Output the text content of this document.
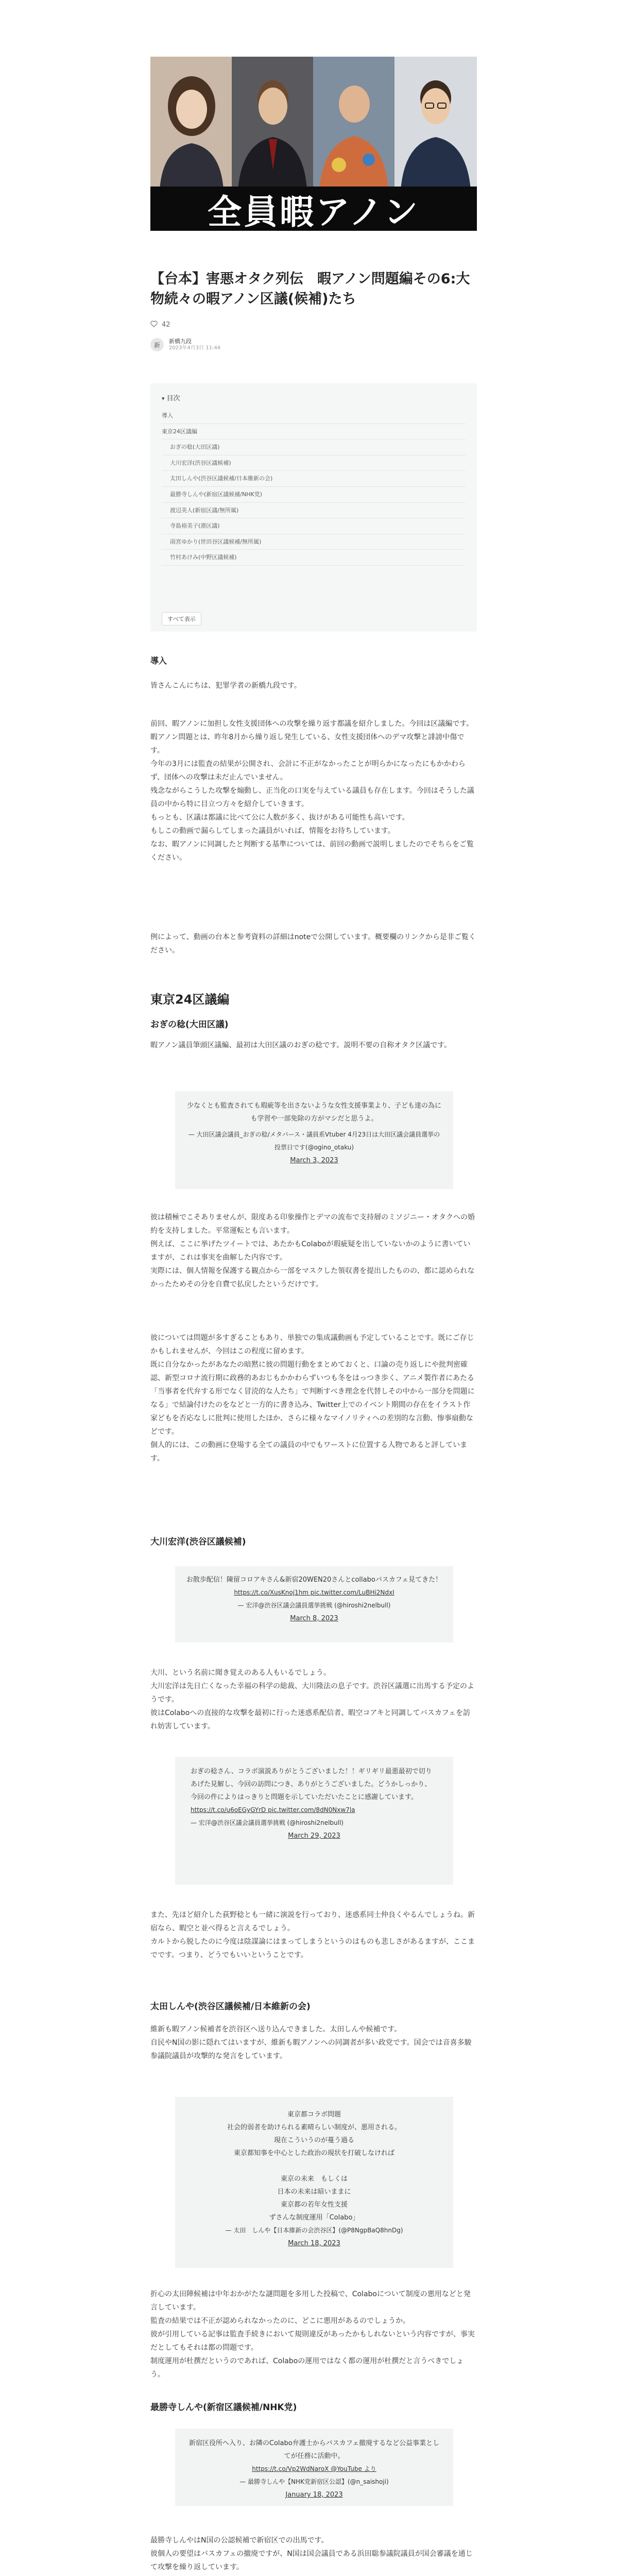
全員暇アノン
【台本】害悪オタク列伝　暇アノン問題編その6:大物続々の暇アノン区議(候補)たち
42
新	新橋九段
2023年4月3日 11:44
▾ 目次
導入
東京24区議編
おぎの稔(大田区議)
大川宏洋(渋谷区議候補)
太田しんや(渋谷区議候補/日本維新の会)
最勝寺しんや(新宿区議候補/NHK党)
渡辺美人(新宿区議/無所属)
寺島裕美子(港区議)
雨宮ゆかり(世田谷区議候補/無所属)
竹村あけみ(中野区議候補)
すべて表示
導入

皆さんこんにちは、犯罪学者の新橋九段です。

前回、暇アノンに加担し女性支援団体への攻撃を繰り返す都議を紹介しました。今回は区議編です。

暇アノン問題とは、昨年8月から繰り返し発生している、女性支援団体へのデマ攻撃と誹謗中傷です。

今年の3月には監査の結果が公開され、会計に不正がなかったことが明らかになったにもかかわらず、団体への攻撃は未だ止んでいません。

残念ながらこうした攻撃を煽動し、正当化の口実を与えている議員も存在します。今回はそうした議員の中から特に目立つ方々を紹介していきます。

もっとも、区議は都議に比べて公に人数が多く、抜けがある可能性も高いです。

もしこの動画で漏らしてしまった議員がいれば、情報をお待ちしています。

なお、暇アノンに同調したと判断する基準については、前回の動画で説明しましたのでそちらをご覧ください。

例によって、動画の台本と参考資料の詳細はnoteで公開しています。概要欄のリンクから是非ご覧ください。

東京24区議編
おぎの稔(大田区議)

暇アノン議員筆頭区議編、最初は大田区議のおぎの稔です。説明不要の自称オタク区議です。

少なくとも監査されても瑕疵等を出さないような女性支援事業より、子ども達の為にも学習や一部免除の方がマシだと思うよ。
— 大田区議会議員_おぎの稔/メタバース・議員系Vtuber 4月23日は大田区議会議員選挙の投票日です(@ogino_otaku)
March 3, 2023

彼は積極でこそありませんが、限度ある印象操作とデマの流布で支持層のミソジニー・オタクへの婚約を支持しました。平常運転とも言います。

例えば、ここに挙げたツイートでは、あたかもColaboが瑕疵疑を出していないかのように書いていますが、これは事実を曲解した内容です。

実際には、個人情報を保護する観点から一部をマスクした領収書を提出したものの、都に認められなかったためその分を自費で払戻したというだけです。

彼については問題が多すぎることもあり、単独での集成議動画も予定していることです。既にご存じかもしれませんが、今回はこの程度に留めます。

既に自分なかったがあなたの暗黙に彼の問題行動をまとめておくと、口論の売り返しにや批判密確認、新型コロナ流行期に政務的あおじもかかわらずいつも冬をはっつき歩く、アニメ製作者にあたる「当事者を代弁する形でなく冒涜的な人たち」で判断すべき理念を代替しその中から一部分を問題になる」で結論付けたのをなどと一方的に書き込み、Twitter上でのイベント期間の存在をイラスト作家どもを否応なしに批判に使用したほか、さらに様々なマイノリティへの差別的な言動、惨事扇動などです。

個人的には、この動画に登場する全ての議員の中でもワーストに位置する人物であると評しています。

大川宏洋(渋谷区議候補)
お散歩配信！陳留コロアキさん&新宿20WEN20さんとcollaboバスカフェ見てきた！
https://t.co/XusKnoj1hm pic.twitter.com/LuBHi2NdxI
— 宏洋@渋谷区議会議員選挙挑戦 (@hiroshi2nelbull)
March 8, 2023

大川、という名前に聞き覚えのある人もいるでしょう。

大川宏洋は先日亡くなった幸福の科学の総裁、大川隆法の息子です。渋谷区議選に出馬する予定のようです。

彼はColaboへの直接的な攻撃を最初に行った迷惑系配信者、暇空コアキと同調してバスカフェを訪れ妨害しています。

おぎの稔さん、コラボ演説ありがとうございました！！ギリギリ最悪最初で切りあげた見解し、今回の訪問につき、ありがとうございました。どうかしっかり、今回の件によりはっきりと問題を示していただいたことに感謝しています。
https://t.co/u6oEGyGYrD pic.twitter.com/8dN0Nxw7la
— 宏洋@渋谷区議会議員選挙挑戦 (@hiroshi2nelbull)
March 29, 2023

また、先ほど紹介した荻野稔とも一緒に演説を行っており、迷惑系同士仲良くやるんでしょうね。新宿なら、暇空と並べ得ると言えるでしょう。

カルトから脱したのに今度は陰謀論にはまってしまうというのはものも悲しさがあるますが、ここまでです。つまり、どうでもいいということです。

太田しんや(渋谷区議候補/日本維新の会)

維新も暇アノン候補者を渋谷区へ送り込んできました。太田しんや候補です。

自民やN国の影に隠れてはいますが、維新も暇アノンへの同調者が多い政党です。国会では音喜多駿参議院議員が攻撃的な発言をしています。

東京都コラボ問題
社会的弱者を助けられる素晴らしい制度が、悪用される。
現在こういうのが蔓う過る
東京都知事を中心とした政治の現状を打破しなければ
東京の未来　もしくは
日本の未来は暗いままに
東京都の若年女性支援
ずさんな制度運用「Colabo」
— 太田　しんや【日本維新の会渋谷区】(@P8NgpBaQ8hnDg)
March 18, 2023

折心の太田陣候補は中年おかがたな謎問題を多用した投稿で、Colaboについて制度の悪用などと発言しています。

監査の結果では不正が認められなかったのに、どこに悪用があるのでしょうか。

彼が引用している記事は監査手続きにおいて規則違反があったかもしれないという内容ですが、事実だとしてもそれは都の問題です。

制度運用が杜撰だというのであれば、Colaboの運用ではなく都の運用が杜撰だと言うべきでしょう。

最勝寺しんや(新宿区議候補/NHK党)
新宿区役所へ入り、お隣のColabo弁護士からバスカフェ撤廃するなど公益事業としてが任務に活動中。
https://t.co/Vp2WdNaroX @YouTube より
— 最勝寺しんや【NHK党新宿区公認】(@n_saishoji)
January 18, 2023

最勝寺しんやはN国の公認候補で新宿区での出馬です。

彼個人の要望はバスカフェの撤廃ですが、N国は国会議員である浜田聡参議院議員が国会審議を通じて攻撃を繰り返しています。
